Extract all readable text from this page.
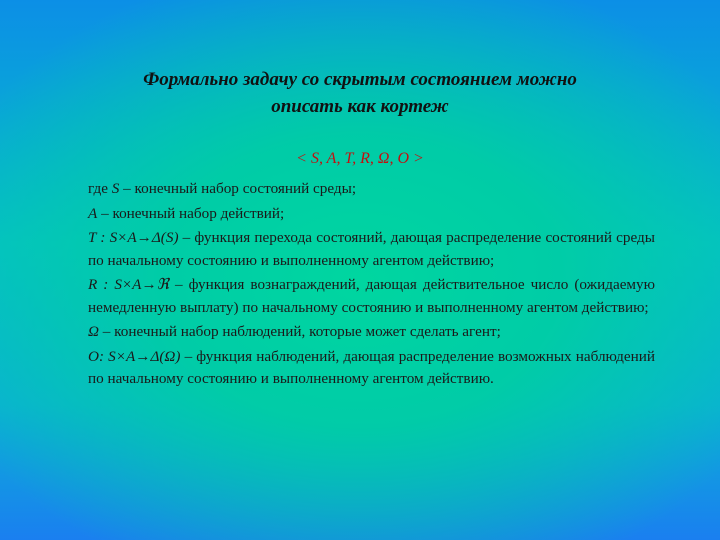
Формально задачу со скрытым состоянием можно
описать как кортеж
< S, A, T, R, Ω, O >

где S – конечный набор состояний среды;

A – конечный набор действий;

T : S×A→Δ(S) – функция перехода состояний, дающая распределение состояний среды по начальному состоянию и выполненному агентом действию;

R : S×A→ℜ – функция вознаграждений, дающая действительное число (ожидаемую немедленную выплату) по начальному состоянию и выполненному агентом действию;

Ω – конечный набор наблюдений, которые может сделать агент;

O: S×A→Δ(Ω) – функция наблюдений, дающая распределение возможных наблюдений по начальному состоянию и выполненному агентом действию.
